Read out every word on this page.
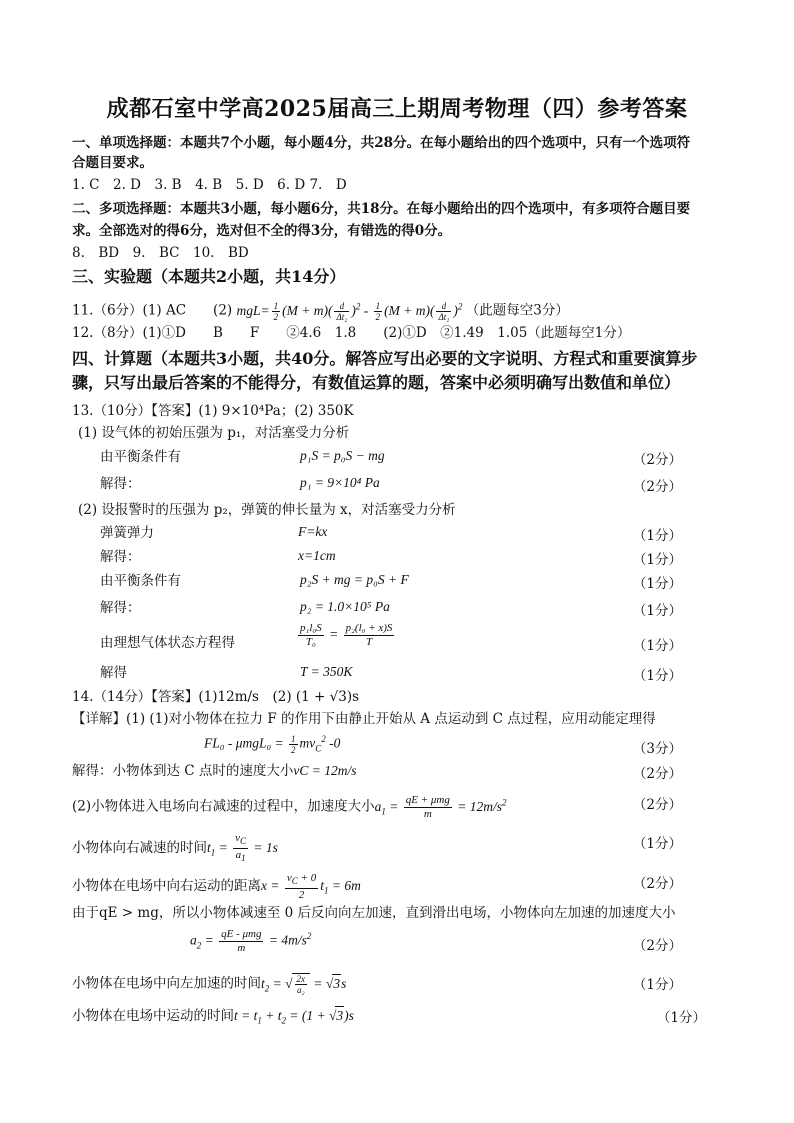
成都石室中学高2025届高三上期周考物理（四）参考答案
一、单项选择题：本题共7个小题，每小题4分，共28分。在每小题给出的四个选项中，只有一个选项符
合题目要求。
1. C　2. D　3. B　4. B　5. D　6. D 7.　D
二、多项选择题：本题共3小题，每小题6分，共18分。在每小题给出的四个选项中，有多项符合题目要
求。全部选对的得6分，选对但不全的得3分，有错选的得0分。
8.　BD　9.　BC　10.　BD
三、实验题（本题共2小题，共14分）
11.（6分）(1) AC　　(2) $mgL= \frac{1}{2} (M + m)( \frac{d}{\text{Δt₂}} )^2 - \frac{1}{2} (M + m)( \frac{d}{\text{Δt₁}} )^2$ （此题每空3分）
12.（8分）(1)①D　　B　　F　　②4.6　1.8　　(2)①D　②1.49　1.05（此题每空1分）
四、计算题（本题共3小题，共40分。解答应写出必要的文字说明、方程式和重要演算步
骤，只写出最后答案的不能得分，有数值运算的题，答案中必须明确写出数值和单位）
13.（10分）【答案】(1) 9×10⁴Pa；(2) 350K
(1) 设气体的初始压强为 p₁，对活塞受力分析
由平衡条件有	p₁S = p₀S − mg	（2分）
解得：	p₁ = 9×10⁴ Pa	（2分）
(2) 设报警时的压强为 p₂，弹簧的伸长量为 x，对活塞受力分析
弹簧弹力	F=kx	（1分）
解得：	x=1cm	（1分）
由平衡条件有	p₂S + mg = p₀S + F	（1分）
解得：	p₂ = 1.0×10⁵ Pa	（1分）
由理想气体状态方程得	$\frac{\text{p₁l₀S}}{\text{T₀}} = \frac{\text{p₂(l₀ + x)S}}{T}$	（1分）
解得	T = 350K	（1分）
14.（14分）【答案】(1)12m/s　(2) (1 + √3)s
【详解】(1) (1)对小物体在拉力 F 的作用下由静止开始从 A 点运动到 C 点过程，应用动能定理得
$FL_0 - \mu mgL_0 = \frac{1}{2} mv_C^2$ -0	（3分）
解得：小物体到达 C 点时的速度大小vC = 12m/s	（2分）
(2)小物体进入电场向右减速的过程中，加速度大小$a_1 = \frac{\text{qE + μmg}}{m} = 12m/s^2$	（2分）
小物体向右减速的时间$t_1 = \frac{v_C}{a_1} = 1s$	（1分）
小物体在电场中向右运动的距离$x = \frac{v_C + 0}{2} t_1 = 6m$	（2分）
由于qE > mg，所以小物体减速至 0 后反向向左加速，直到滑出电场，小物体向左加速的加速度大小
$a_2 = \frac{\text{qE - μmg}}{m} = 4m/s^2$
（2分）
小物体在电场中向左加速的时间$t_2$ = √ $\frac{2x}{\text{a₂}} = √3s$	（1分）
小物体在电场中运动的时间$t = t_1 + t_2 = (1 + √3)s$	（1分）
